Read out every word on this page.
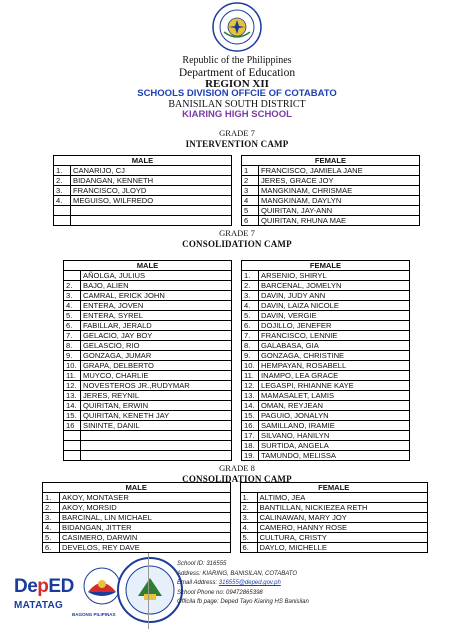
Republic of the Philippines
Department of Education
REGION XII
SCHOOLS DIVISION OFFCIE OF COTABATO
BANISILAN SOUTH DISTRICT
KIARING HIGH SCHOOL
GRADE 7
INTERVENTION CAMP
MALE			FEMALE	
1.	CANARIJO, CJ		1	FRANCISCO, JAMIELA JANE
2.	BIDANGAN, KENNETH		2	JERES, GRACE JOY
3.	FRANCISCO, JLOYD		3	MANGKINAM, CHRISMAE
4.	MEGUISO, WILFREDO		4	MANGKINAM, DAYLYN
			5	QUIRITAN, JAY-ANN
			6	QUIRITAN, RHUNA MAE
GRADE 7
CONSOLIDATION CAMP
MALE			FEMALE	
	AÑOLGA, JULIUS		1.	ARSENIO, SHIRYL
2.	BAJO, ALIEN		2.	BARCENAL, JOMELYN
3.	CAMRAL, ERICK JOHN		3.	DAVIN, JUDY ANN
4.	ENTERA, JOVEN		4.	DAVIN, LAIZA NICOLE
5.	ENTERA, SYREL		5.	DAVIN, VERGIE
6.	FABILLAR, JERALD		6.	DOJILLO, JENEFER
7.	GELACIO, JAY BOY		7.	FRANCISCO, LENNIE
8.	GELASCIO, RIO		8.	GALABASA, GIA
9.	GONZAGA, JUMAR		9.	GONZAGA, CHRISTINE
10.	GRAPA, DELBERTO		10.	HEMPAYAN, ROSABELL
11.	MUYCO, CHARLIE		11.	INAMPO, LEA GRACE
12.	NOVESTEROS JR.,RUDYMAR		12.	LEGASPI, RHIANNE KAYE
13.	JERES, REYNIL		13.	MAMASALET, LAMIS
14.	QUIRITAN, ERWIN		14.	OMAN, REYJEAN
15.	QUIRITAN, KENETH JAY		15.	PAGUIO, JONALYN
16	SININTE, DANIL		16.	SAMILLANO, IRAMIE
			17.	SILVANO, HANILYN
			18.	SURTIDA, ANGELA
			19.	TAMUNDO, MELISSA
GRADE 8
CONSOLIDATION CAMP
MALE			FEMALE	
1.	AKOY, MONTASER		1.	ALTIMO, JEA
2.	AKOY, MORSID		2.	BANTILLAN, NICKIEZEA RETH
3.	BARCINAL, LIN MICHAEL		3.	CALINAWAN, MARY JOY
4.	BIDANGAN, JITTER		4.	CAMERO, HANNY ROSE
5.	CASIMERO, DARWIN		5.	CULTURA, CRISTY
6.	DEVELOS, REY DAVE		6.	DAYLO, MICHELLE
DepED
MATATAG
BAGONG PILIPINAS
School ID: 316555
Address: KIARING, BANISILAN, COTABATO
Email Address: 316555@deped.gov.ph
School Phone no: 09472865398
Officila fb page: Deped Tayo Kiaring HS Banisilan
